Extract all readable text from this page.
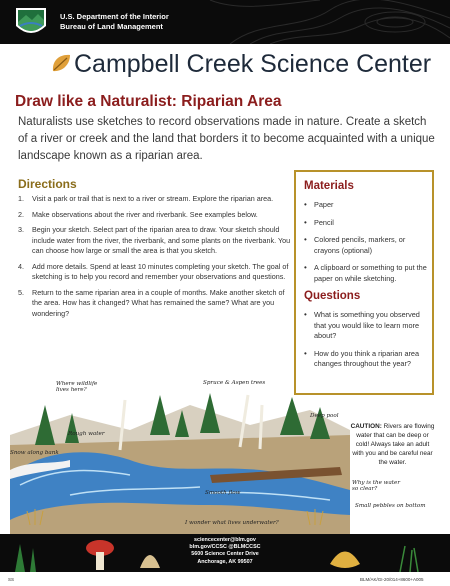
U.S. Department of the Interior
Bureau of Land Management
Campbell Creek Science Center
Draw like a Naturalist: Riparian Area
Naturalists use sketches to record observations made in nature. Create a sketch of a river or creek and the land that borders it to become acquainted with a unique landscape known as a riparian area.
Directions
1. Visit a park or trail that is next to a river or stream. Explore the riparian area.
2. Make observations about the river and riverbank. See examples below.
3. Begin your sketch. Select part of the riparian area to draw. Your sketch should include water from the river, the riverbank, and some plants on the riverbank. You can choose how large or small the area is that you sketch.
4. Add more details. Spend at least 10 minutes completing your sketch. The goal of sketching is to help you record and remember your observations and questions.
5. Return to the same riparian area in a couple of months. Make another sketch of the area. How has it changed? What has remained the same? What are you wondering?
Materials
• Paper
• Pencil
• Colored pencils, markers, or crayons (optional)
• A clipboard or something to put the paper on while sketching.
Questions
• What is something you observed that you would like to learn more about?
• How do you think a riparian area changes throughout the year?
Where wildlife lives here?
Spruce & Aspen trees
Rough water
Snow along bank
Deep pool
Smooth flow
Why is the water so clear?
Small pebbles on bottom
I wonder what lives underwater?
CAUTION: Rivers are flowing water that can be deep or cold! Always take an adult with you and be careful near the water.
sciencecenter@blm.gov
blm.gov/CCSC @BLMCCSC
5600 Science Center Drive
Anchorage, AK 99507
SS	BLM/AK/GI-20/014+8600+A005
